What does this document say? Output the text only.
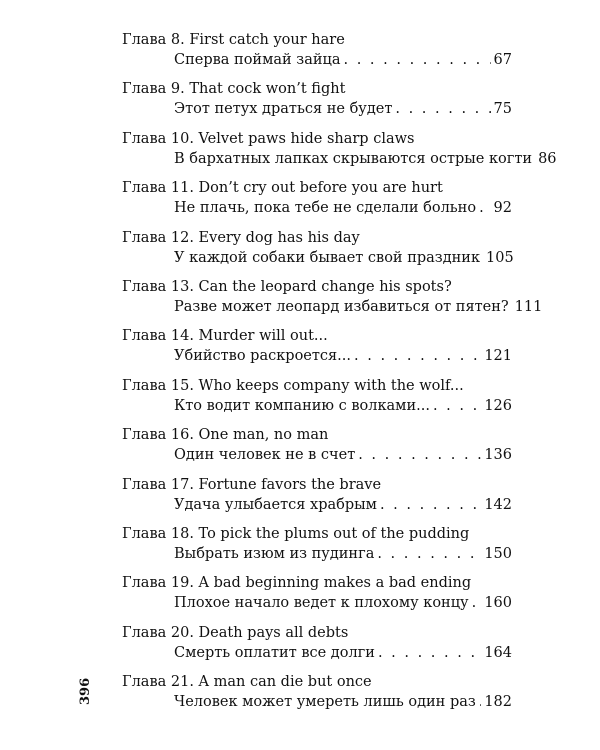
Глава 8. First catch your hare
Сперва поймай зайца . . .	67
Глава 9. That cock won’t fight
Этот петух драться не будет . . .	75
Глава 10. Velvet paws hide sharp claws
В бархатных лапках скрываются острые когти 86
Глава 11. Don’t cry out before you are hurt
Не плачь, пока тебе не сделали больно . . . 92
Глава 12. Every dog has his day
У каждой собаки бывает свой праздник 105
Глава 13. Can the leopard change his spots?
Разве может леопард избавиться от пятен? 111
Глава 14. Murder will out...
Убийство раскроется... . . .	121
Глава 15. Who keeps company with the wolf...
Кто водит компанию с волками... . . .	126
Глава 16. One man, no man
Один человек не в счет . . .	136
Глава 17. Fortune favors the brave
Удача улыбается храбрым . . .	142
Глава 18. To pick the plums out of the pudding
Выбрать изюм из пудинга . . .	150
Глава 19. A bad beginning makes a bad ending
Плохое начало ведет к плохому концу . . . 160
Глава 20. Death pays all debts
Смерть оплатит все долги . . .	164
Глава 21. A man can die but once
Человек может умереть лишь один раз . . . 182
396
